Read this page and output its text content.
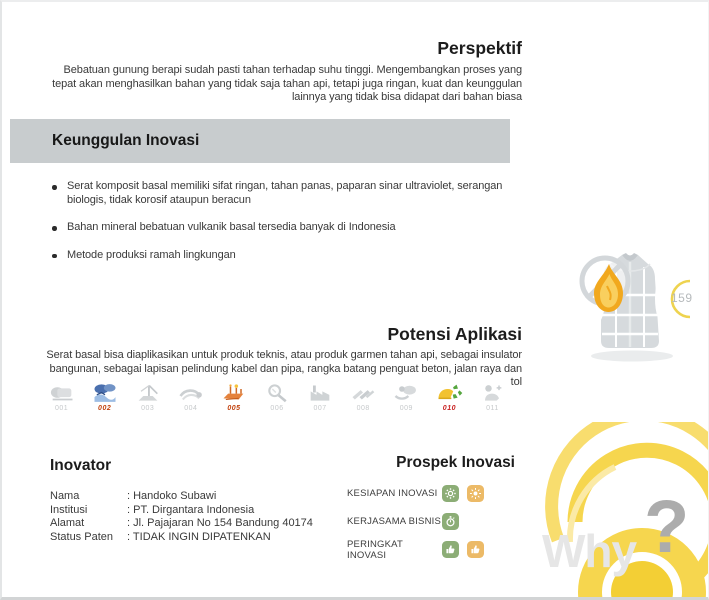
Perspektif

Bebatuan gunung berapi sudah pasti tahan terhadap suhu tinggi. Mengembangkan proses yang tepat akan menghasilkan bahan yang tidak saja tahan api, tetapi juga ringan, kuat dan keunggulan lainnya yang tidak bisa didapat dari bahan biasa

Keunggulan Inovasi
Serat komposit basal memiliki sifat ringan, tahan panas, paparan sinar ultraviolet, serangan biologis, tidak korosif ataupun beracun
Bahan mineral bebatuan vulkanik basal tersedia banyak di Indonesia
Metode produksi ramah lingkungan
159
Potensi Aplikasi

Serat basal bisa diaplikasikan untuk produk teknis, atau produk garmen tahan api, sebagai insulator bangunan, sebagai lapisan pelindung kabel dan pipa, rangka batang penguat beton, jalan raya dan tol

001	002	003	004	005	006	007	008	009	010	011
Inovator
Nama	: Handoko Subawi
Institusi	: PT. Dirgantara Indonesia
Alamat	: Jl. Pajajaran No 154 Bandung 40174
Status Paten	: TIDAK INGIN DIPATENKAN
Prospek Inovasi
KESIAPAN INOVASI
KERJASAMA BISNIS
PERINGKAT INOVASI	Why ?
